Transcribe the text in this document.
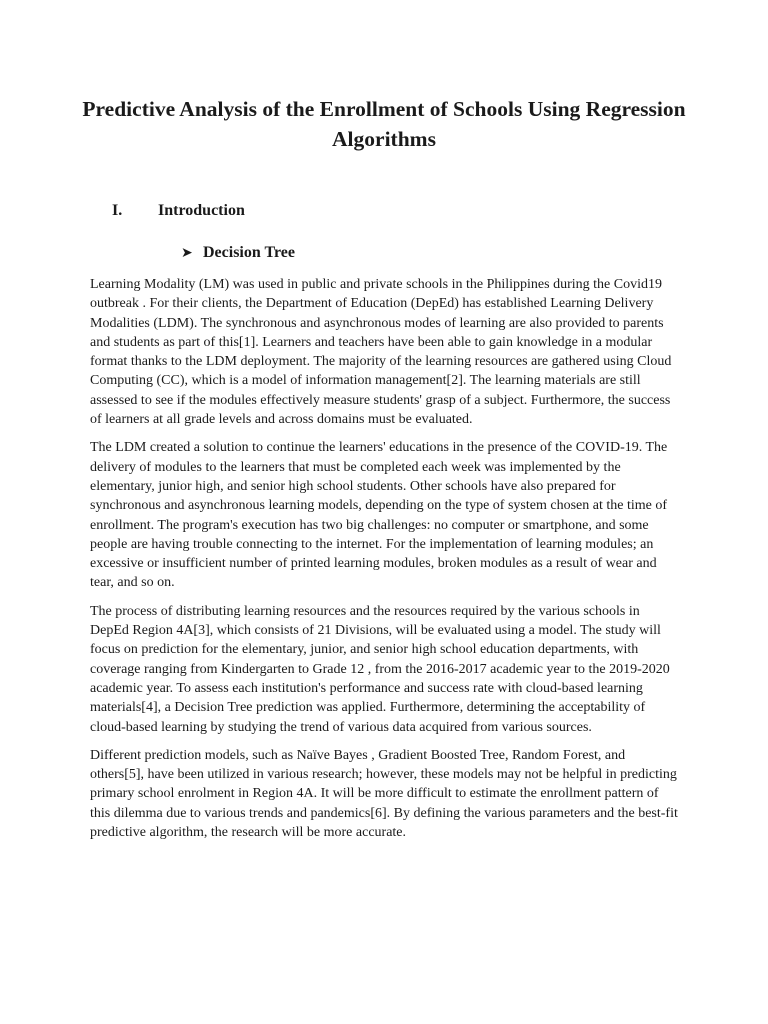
Predictive Analysis of the Enrollment of Schools Using Regression Algorithms
I. Introduction
➤ Decision Tree

Learning Modality (LM) was used in public and private schools in the Philippines during the Covid19 outbreak . For their clients, the Department of Education (DepEd) has established Learning Delivery Modalities (LDM). The synchronous and asynchronous modes of learning are also provided to parents and students as part of this[1]. Learners and teachers have been able to gain knowledge in a modular format thanks to the LDM deployment. The majority of the learning resources are gathered using Cloud Computing (CC), which is a model of information management[2]. The learning materials are still assessed to see if the modules effectively measure students' grasp of a subject. Furthermore, the success of learners at all grade levels and across domains must be evaluated.

The LDM created a solution to continue the learners' educations in the presence of the COVID-19. The delivery of modules to the learners that must be completed each week was implemented by the elementary, junior high, and senior high school students. Other schools have also prepared for synchronous and asynchronous learning models, depending on the type of system chosen at the time of enrollment. The program's execution has two big challenges: no computer or smartphone, and some people are having trouble connecting to the internet. For the implementation of learning modules; an excessive or insufficient number of printed learning modules, broken modules as a result of wear and tear, and so on.

The process of distributing learning resources and the resources required by the various schools in DepEd Region 4A[3], which consists of 21 Divisions, will be evaluated using a model. The study will focus on prediction for the elementary, junior, and senior high school education departments, with coverage ranging from Kindergarten to Grade 12 , from the 2016-2017 academic year to the 2019-2020 academic year. To assess each institution's performance and success rate with cloud-based learning materials[4], a Decision Tree prediction was applied. Furthermore, determining the acceptability of cloud-based learning by studying the trend of various data acquired from various sources.

Different prediction models, such as Naïve Bayes , Gradient Boosted Tree, Random Forest, and others[5], have been utilized in various research; however, these models may not be helpful in predicting primary school enrolment in Region 4A. It will be more difficult to estimate the enrollment pattern of this dilemma due to various trends and pandemics[6]. By defining the various parameters and the best-fit predictive algorithm, the research will be more accurate.
